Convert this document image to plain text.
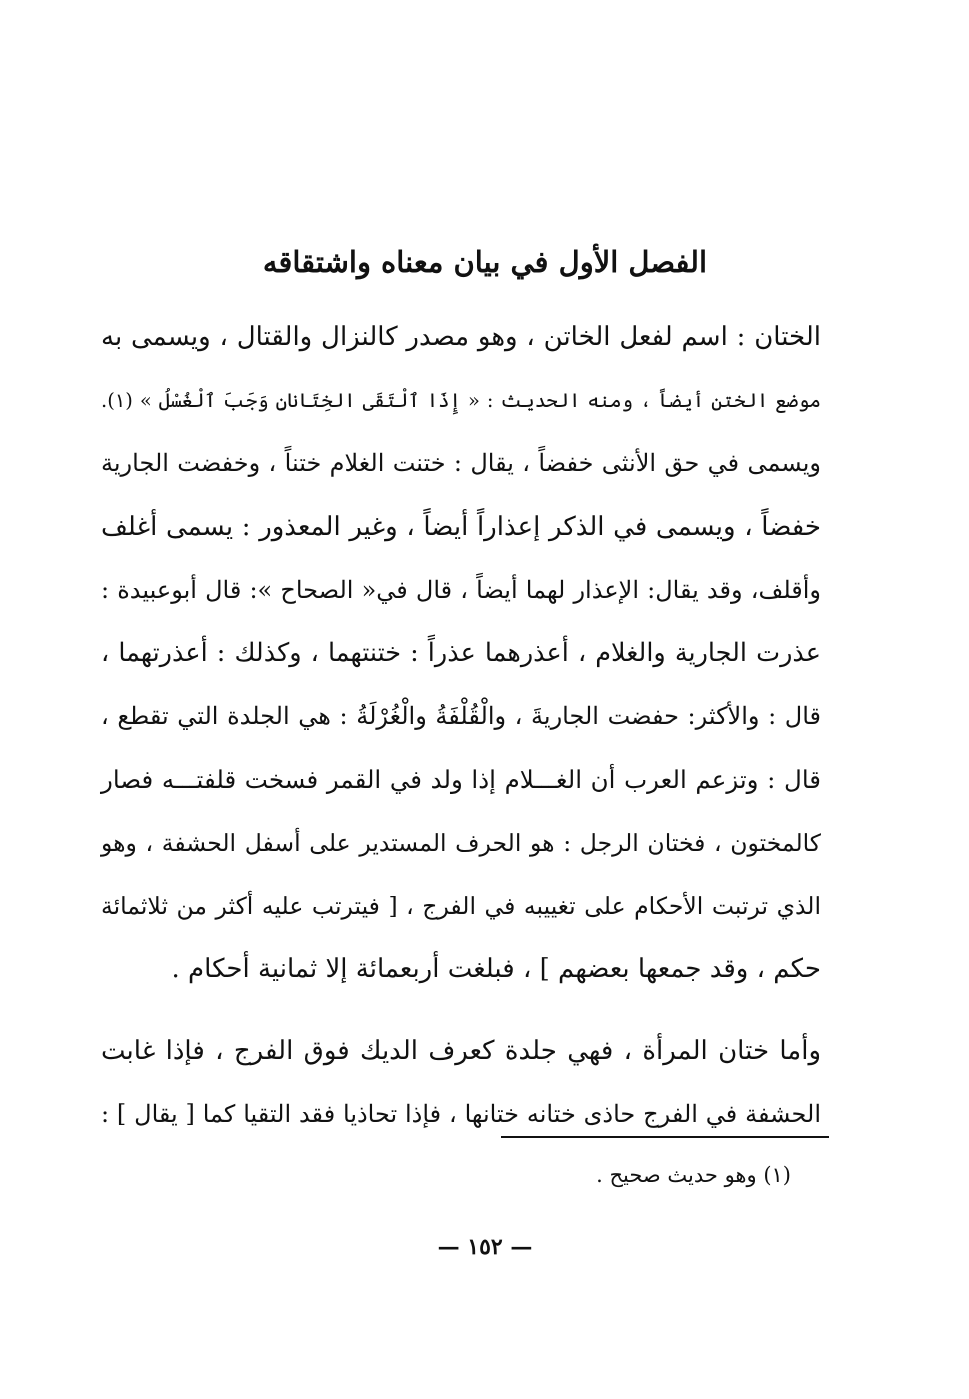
الفصل الأول في بيان معناه واشتقاقه
الختان : اسم لفعل الخاتن ، وهو مصدر كالنزال والقتال ، ويسمى به
موضع الختن أيضاً ، ومنه الحديث : « إِذَا ٱلْتَقَى الخِتَانانِ وَجَبَ ٱلْغُسْلُ » (١).
ويسمى في حق الأنثى خفضاً ، يقال : ختنت الغلام ختناً ، وخفضت الجارية
خفضاً ، ويسمى في الذكر إعذاراً أيضاً ، وغير المعذور : يسمى أغلف
وأقلف، وقد يقال: الإعذار لهما أيضاً ، قال في« الصحاح »: قال أبوعبيدة :
عذرت الجارية والغلام ، أعذرهما عذراً : ختنتهما ، وكذلك : أعذرتهما ،
قال : والأكثر: حفضت الجاريةَ ، والْقُلْفَةُ والْغُرْلَةُ : هي الجلدة التي تقطع ،
قال : وتزعم العرب أن الغـــلام إذا ولد في القمر فسخت قلفتـــه فصار
كالمختون ، فختان الرجل : هو الحرف المستدير على أسفل الحشفة ، وهو
الذي ترتبت الأحكام على تغييبه في الفرج ، [ فيترتب عليه أكثر من ثلاثمائة
حكم ، وقد جمعها بعضهم ] ، فبلغت أربعمائة إلا ثمانية أحكام .
وأما ختان المرأة ، فهي جلدة كعرف الديك فوق الفرج ، فإذا غابت
الحشفة في الفرج حاذى ختانه ختانها ، فإذا تحاذيا فقد التقيا كما [ يقال ] :
(١) وهو حديث صحيح .
— ١٥٢ —
